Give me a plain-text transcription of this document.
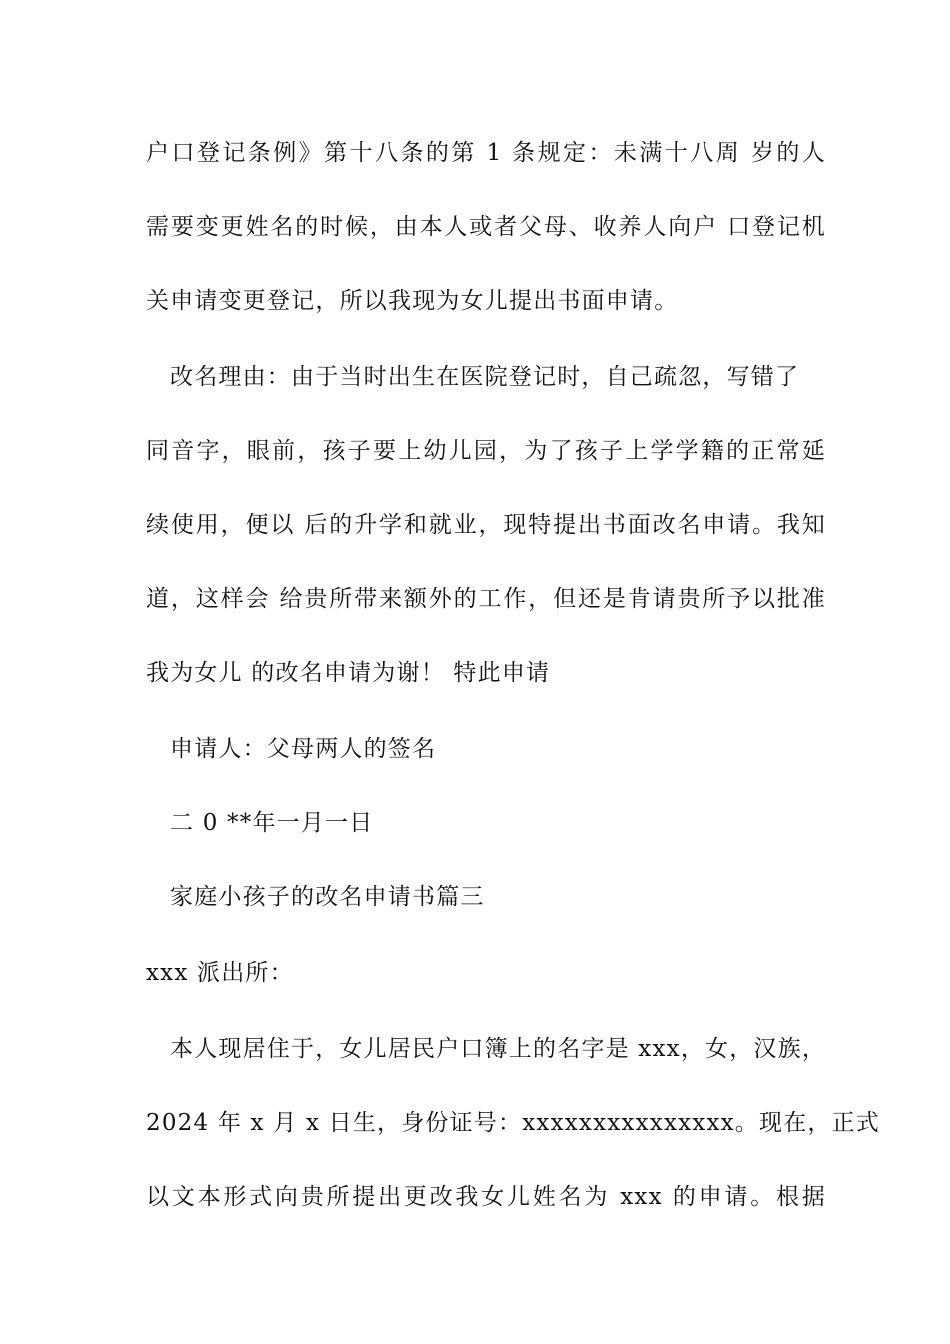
户口登记条例》第十八条的第 1 条规定：未满十八周 岁的人
需要变更姓名的时候，由本人或者父母、收养人向户 口登记机
关申请变更登记，所以我现为女儿提出书面申请。
改名理由：由于当时出生在医院登记时，自己疏忽，写错了
同音字，眼前，孩子要上幼儿园，为了孩子上学学籍的正常延
续使用，便以 后的升学和就业，现特提出书面改名申请。我知
道，这样会 给贵所带来额外的工作，但还是肯请贵所予以批准
我为女儿 的改名申请为谢！ 特此申请
申请人：父母两人的签名
二 0 **年一月一日
家庭小孩子的改名申请书篇三
xxx 派出所：
本人现居住于，女儿居民户口簿上的名字是 xxx，女，汉族，
2024 年 x 月 x 日生，身份证号：xxxxxxxxxxxxxxx。现在，正式
以文本形式向贵所提出更改我女儿姓名为 xxx 的申请。根据
